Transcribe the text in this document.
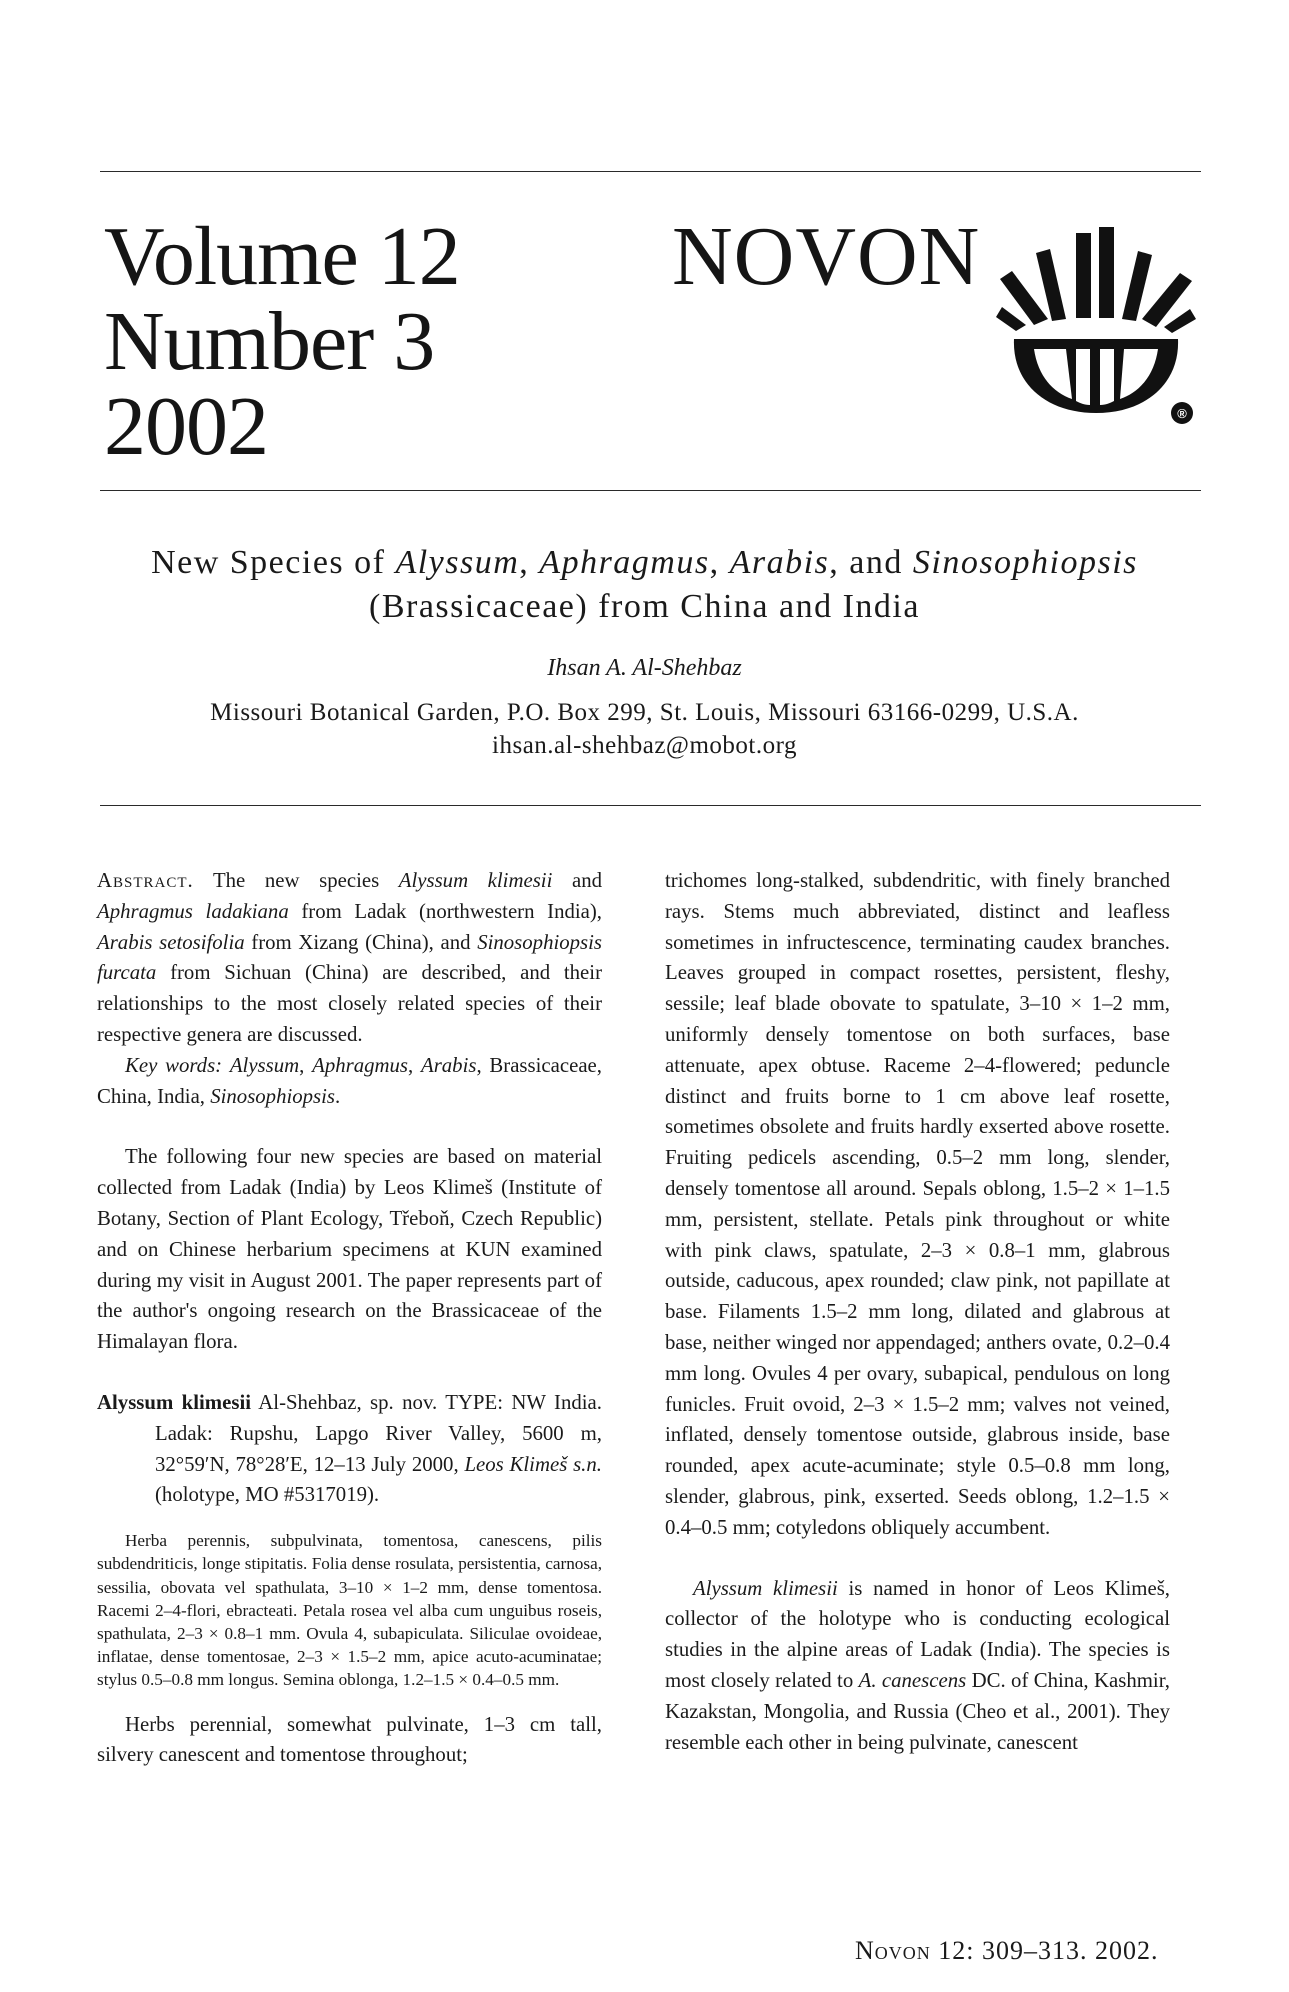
Volume 12
Number 3
2002
NOVON
®
New Species of Alyssum, Aphragmus, Arabis, and Sinosophiopsis
(Brassicaceae) from China and India
Ihsan A. Al-Shehbaz
Missouri Botanical Garden, P.O. Box 299, St. Louis, Missouri 63166-0299, U.S.A.
ihsan.al-shehbaz@mobot.org

Abstract. The new species Alyssum klimesii and Aphragmus ladakiana from Ladak (northwestern India), Arabis setosifolia from Xizang (China), and Sinosophiopsis furcata from Sichuan (China) are described, and their relationships to the most closely related species of their respective genera are discussed.

Key words: Alyssum, Aphragmus, Arabis, Brassicaceae, China, India, Sinosophiopsis.

The following four new species are based on material collected from Ladak (India) by Leos Klimeš (Institute of Botany, Section of Plant Ecology, Třeboň, Czech Republic) and on Chinese herbarium specimens at KUN examined during my visit in August 2001. The paper represents part of the author's ongoing research on the Brassicaceae of the Himalayan flora.

Alyssum klimesii Al-Shehbaz, sp. nov. TYPE: NW India. Ladak: Rupshu, Lapgo River Valley, 5600 m, 32°59′N, 78°28′E, 12–13 July 2000, Leos Klimeš s.n. (holotype, MO #5317019).

Herba perennis, subpulvinata, tomentosa, canescens, pilis subdendriticis, longe stipitatis. Folia dense rosulata, persistentia, carnosa, sessilia, obovata vel spathulata, 3–10 × 1–2 mm, dense tomentosa. Racemi 2–4-flori, ebracteati. Petala rosea vel alba cum unguibus roseis, spathulata, 2–3 × 0.8–1 mm. Ovula 4, subapiculata. Siliculae ovoideae, inflatae, dense tomentosae, 2–3 × 1.5–2 mm, apice acuto-acuminatae; stylus 0.5–0.8 mm longus. Semina oblonga, 1.2–1.5 × 0.4–0.5 mm.

Herbs perennial, somewhat pulvinate, 1–3 cm tall, silvery canescent and tomentose throughout;

trichomes long-stalked, subdendritic, with finely branched rays. Stems much abbreviated, distinct and leafless sometimes in infructescence, terminating caudex branches. Leaves grouped in compact rosettes, persistent, fleshy, sessile; leaf blade obovate to spatulate, 3–10 × 1–2 mm, uniformly densely tomentose on both surfaces, base attenuate, apex obtuse. Raceme 2–4-flowered; peduncle distinct and fruits borne to 1 cm above leaf rosette, sometimes obsolete and fruits hardly exserted above rosette. Fruiting pedicels ascending, 0.5–2 mm long, slender, densely tomentose all around. Sepals oblong, 1.5–2 × 1–1.5 mm, persistent, stellate. Petals pink throughout or white with pink claws, spatulate, 2–3 × 0.8–1 mm, glabrous outside, caducous, apex rounded; claw pink, not papillate at base. Filaments 1.5–2 mm long, dilated and glabrous at base, neither winged nor appendaged; anthers ovate, 0.2–0.4 mm long. Ovules 4 per ovary, subapical, pendulous on long funicles. Fruit ovoid, 2–3 × 1.5–2 mm; valves not veined, inflated, densely tomentose outside, glabrous inside, base rounded, apex acute-acuminate; style 0.5–0.8 mm long, slender, glabrous, pink, exserted. Seeds oblong, 1.2–1.5 × 0.4–0.5 mm; cotyledons obliquely accumbent.

Alyssum klimesii is named in honor of Leos Klimeš, collector of the holotype who is conducting ecological studies in the alpine areas of Ladak (India). The species is most closely related to A. canescens DC. of China, Kashmir, Kazakstan, Mongolia, and Russia (Cheo et al., 2001). They resemble each other in being pulvinate, canescent

Novon 12: 309–313. 2002.
